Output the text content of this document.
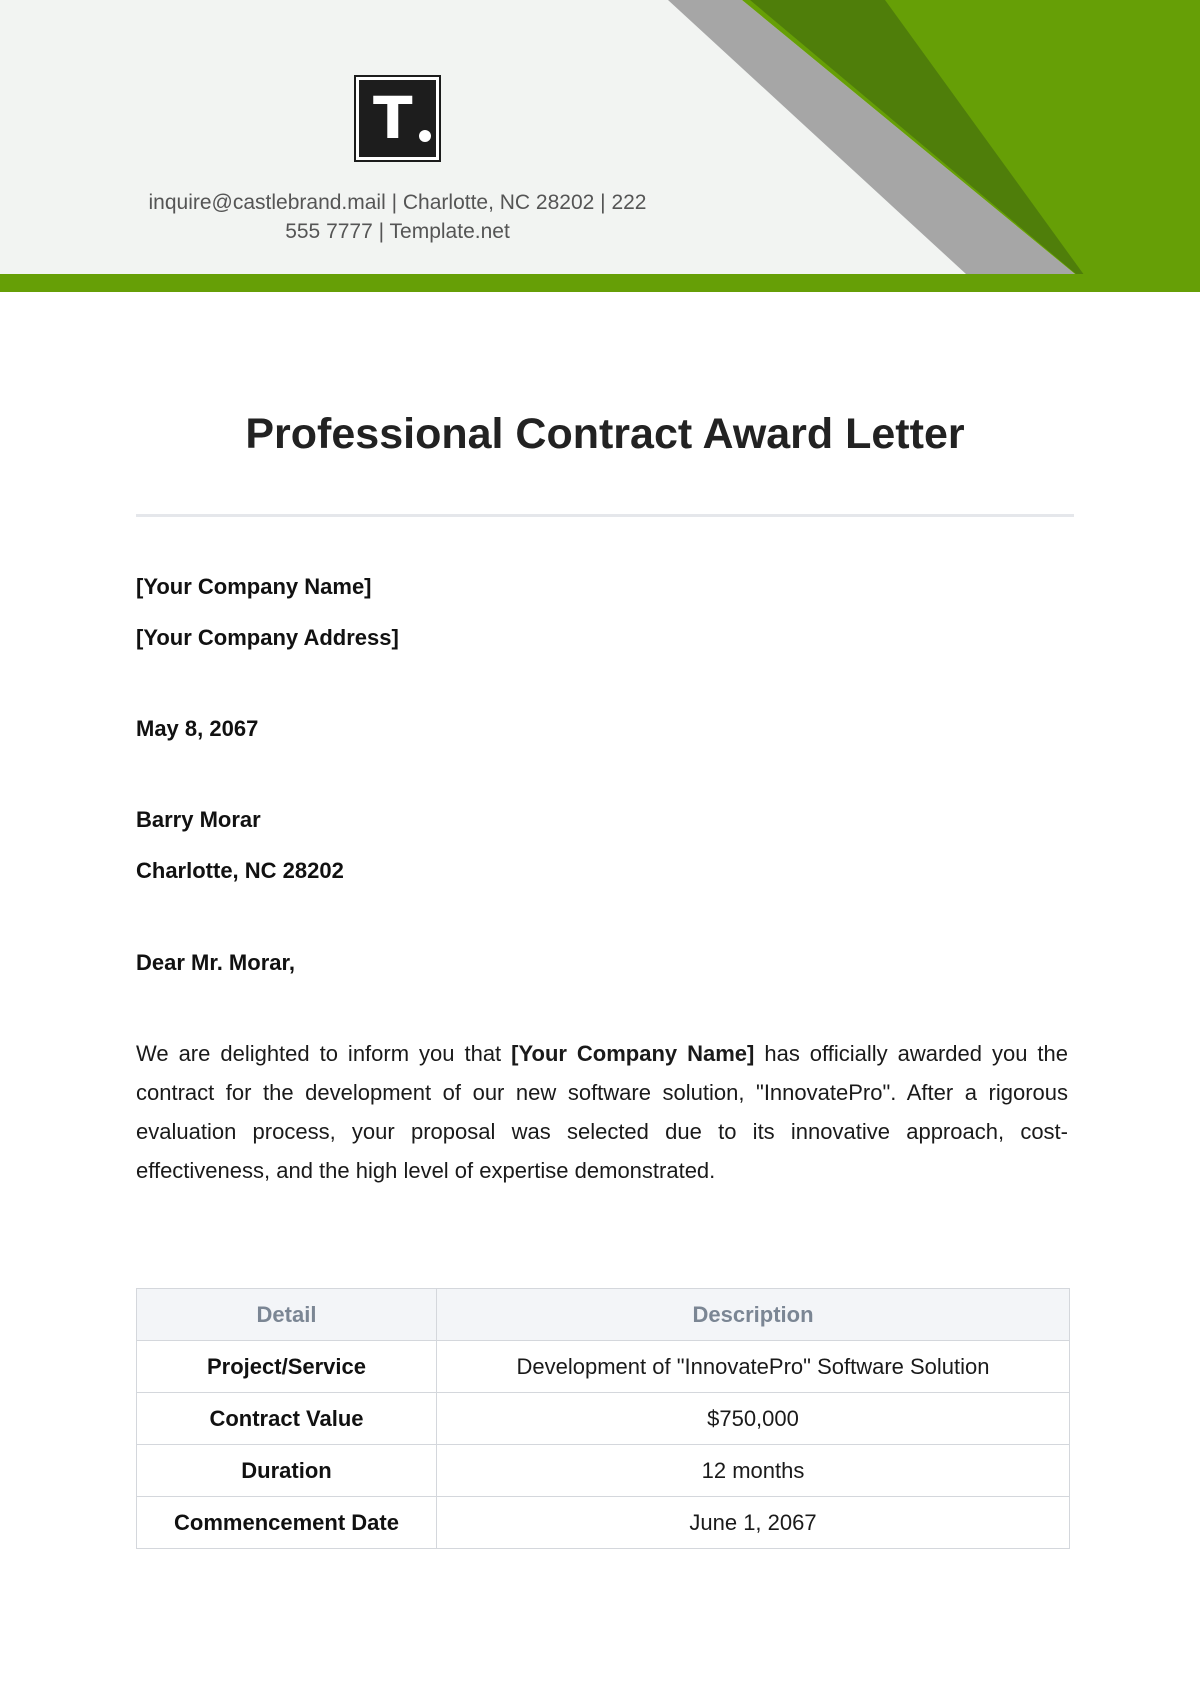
T
inquire@castlebrand.mail | Charlotte, NC 28202 | 222
555 7777 | Template.net
Professional Contract Award Letter
[Your Company Name]
[Your Company Address]
May 8, 2067
Barry Morar
Charlotte, NC 28202
Dear Mr. Morar,

We are delighted to inform you that [Your Company Name] has officially awarded you the contract for the development of our new software solution, "InnovatePro". After a rigorous evaluation process, your proposal was selected due to its innovative approach, cost-effectiveness, and the high level of expertise demonstrated.

Detail	Description
Project/Service	Development of "InnovatePro" Software Solution
Contract Value	$750,000
Duration	12 months
Commencement Date	June 1, 2067
